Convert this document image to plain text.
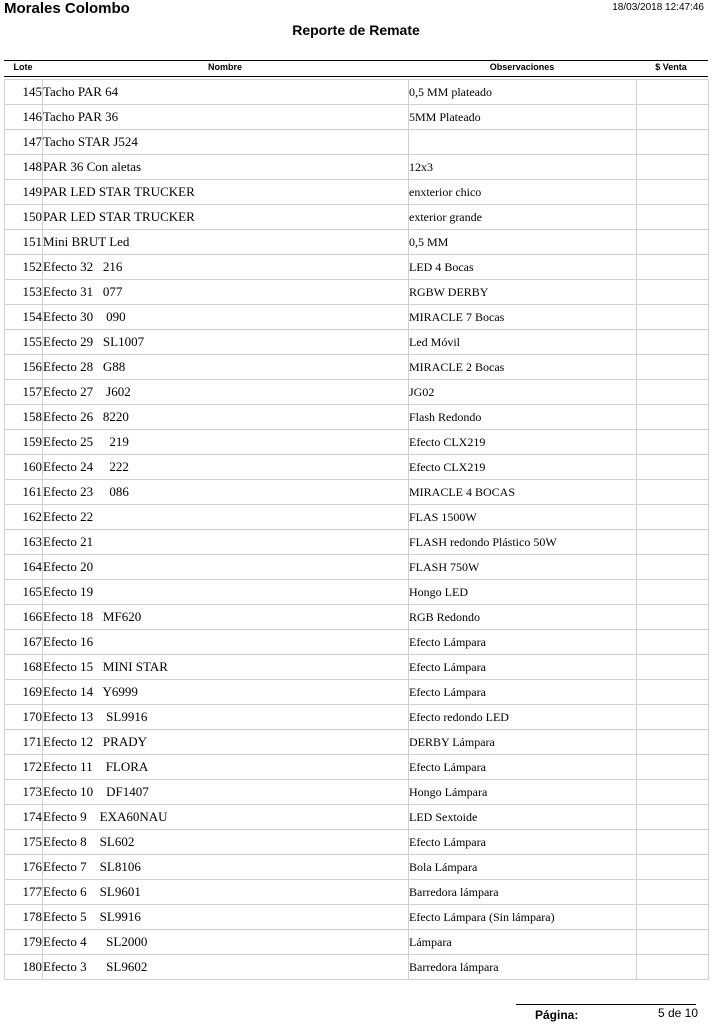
Morales Colombo	18/03/2018 12:47:46
Reporte de Remate
Lote	Nombre	Observaciones	$ Venta
145	Tacho PAR 64	0,5 MM plateado	
146	Tacho PAR 36	5MM Plateado	
147	Tacho STAR J524		
148	PAR 36 Con aletas	12x3	
149	PAR LED STAR TRUCKER	enxterior chico	
150	PAR LED STAR TRUCKER	exterior grande	
151	Mini BRUT Led	0,5 MM	
152	Efecto 32   216	LED 4 Bocas	
153	Efecto 31   077	RGBW DERBY	
154	Efecto 30    090	MIRACLE 7 Bocas	
155	Efecto 29   SL1007	Led Móvil	
156	Efecto 28   G88	MIRACLE 2 Bocas	
157	Efecto 27    J602	JG02	
158	Efecto 26   8220	Flash Redondo	
159	Efecto 25     219	Efecto CLX219	
160	Efecto 24     222	Efecto CLX219	
161	Efecto 23     086	MIRACLE 4 BOCAS	
162	Efecto 22	FLAS 1500W	
163	Efecto 21	FLASH redondo Plástico 50W	
164	Efecto 20	FLASH 750W	
165	Efecto 19	Hongo LED	
166	Efecto 18   MF620	RGB Redondo	
167	Efecto 16	Efecto Lámpara	
168	Efecto 15   MINI STAR	Efecto Lámpara	
169	Efecto 14   Y6999	Efecto Lámpara	
170	Efecto 13    SL9916	Efecto redondo LED	
171	Efecto 12   PRADY	DERBY Lámpara	
172	Efecto 11    FLORA	Efecto Lámpara	
173	Efecto 10    DF1407	Hongo Lámpara	
174	Efecto 9    EXA60NAU	LED Sextoide	
175	Efecto 8    SL602	Efecto Lámpara	
176	Efecto 7    SL8106	Bola Lámpara	
177	Efecto 6    SL9601	Barredora lámpara	
178	Efecto 5    SL9916	Efecto Lámpara (Sin lámpara)	
179	Efecto 4      SL2000	Lámpara	
180	Efecto 3      SL9602	Barredora lámpara	
Página:	5 de 10
